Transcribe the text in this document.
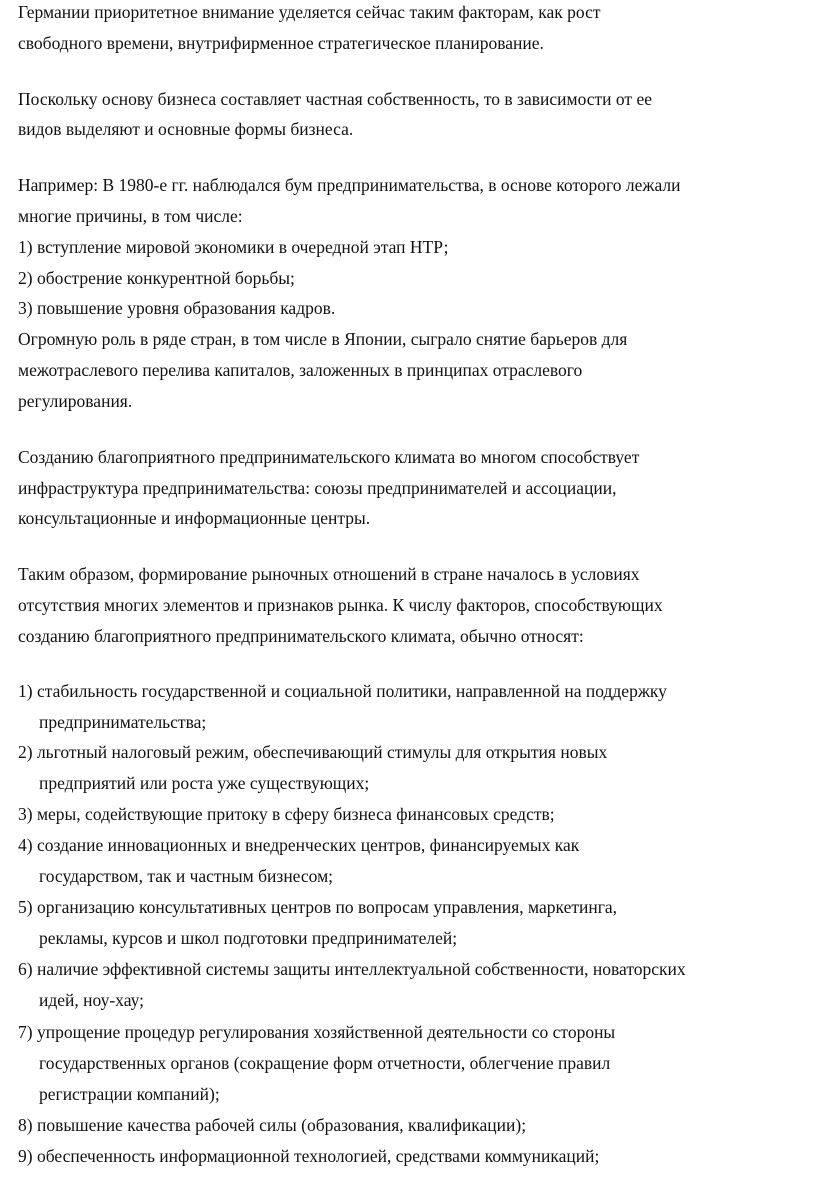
Германии приоритетное внимание уделяется сейчас таким факторам, как рост
свободного времени, внутрифирменное стратегическое планирование.
Поскольку основу бизнеса составляет частная собственность, то в зависимости от ее
видов выделяют и основные формы бизнеса.
Например: В 1980-е гг. наблюдался бум предпринимательства, в основе которого лежали
многие причины, в том числе:
1) вступление мировой экономики в очередной этап НТР;
2) обострение конкурентной борьбы;
3) повышение уровня образования кадров.
Огромную роль в ряде стран, в том числе в Японии, сыграло снятие барьеров для
межотраслевого перелива капиталов, заложенных в принципах отраслевого
регулирования.
Созданию благоприятного предпринимательского климата во многом способствует
инфраструктура предпринимательства: союзы предпринимателей и ассоциации,
консультационные и информационные центры.
Таким образом, формирование рыночных отношений в стране началось в условиях
отсутствия многих элементов и признаков рынка. К числу факторов, способствующих
созданию благоприятного предпринимательского климата, обычно относят:
1) стабильность государственной и социальной политики, направленной на поддержку
предпринимательства;
2) льготный налоговый режим, обеспечивающий стимулы для открытия новых
предприятий или роста уже существующих;
3) меры, содействующие притоку в сферу бизнеса финансовых средств;
4) создание инновационных и внедренческих центров, финансируемых как
государством, так и частным бизнесом;
5) организацию консультативных центров по вопросам управления, маркетинга,
рекламы, курсов и школ подготовки предпринимателей;
6) наличие эффективной системы защиты интеллектуальной собственности, новаторских
идей, ноу-хау;
7) упрощение процедур регулирования хозяйственной деятельности со стороны
государственных органов (сокращение форм отчетности, облегчение правил
регистрации компаний);
8) повышение качества рабочей силы (образования, квалификации);
9) обеспеченность информационной технологией, средствами коммуникаций;
